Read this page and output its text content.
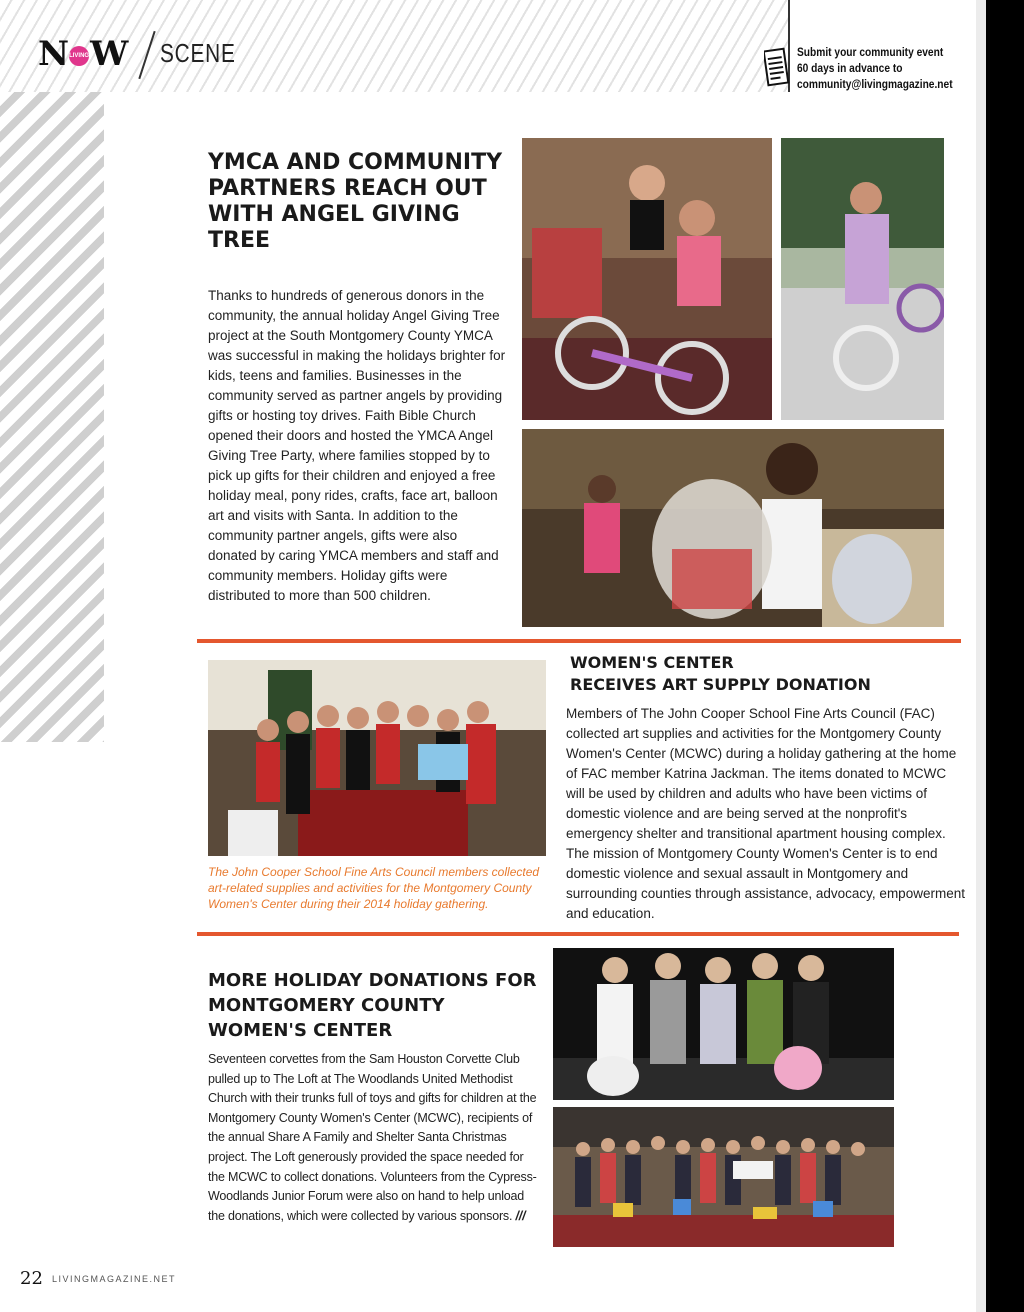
NLIVINGW SCENE	Submit your community event
60 days in advance to
community@livingmagazine.net
YMCA AND COMMUNITY PARTNERS REACH OUT WITH ANGEL GIVING TREE
Thanks to hundreds of generous donors in the community, the annual holiday Angel Giving Tree project at the South Montgomery County YMCA was successful in making the holidays brighter for kids, teens and families. Businesses in the community served as partner angels by providing gifts or hosting toy drives. Faith Bible Church opened their doors and hosted the YMCA Angel Giving Tree Party, where families stopped by to pick up gifts for their children and enjoyed a free holiday meal, pony rides, crafts, face art, balloon art and visits with Santa. In addition to the community partner angels, gifts were also donated by caring YMCA members and staff and community members. Holiday gifts were distributed to more than 500 children.
The John Cooper School Fine Arts Council members collected art-related supplies and activities for the Montgomery County Women's Center during their 2014 holiday gathering.
WOMEN'S CENTER
RECEIVES ART SUPPLY DONATION
Members of The John Cooper School Fine Arts Council (FAC) collected art supplies and activities for the Montgomery County Women's Center (MCWC) during a holiday gathering at the home of FAC member Katrina Jackman. The items donated to MCWC will be used by children and adults who have been victims of domestic violence and are being served at the nonprofit's emergency shelter and transitional apartment housing complex. The mission of Montgomery County Women's Center is to end domestic violence and sexual assault in Montgomery and surrounding counties through assistance, advocacy, empowerment and education.
MORE HOLIDAY DONATIONS FOR
MONTGOMERY COUNTY
WOMEN'S CENTER
Seventeen corvettes from the Sam Houston Corvette Club pulled up to The Loft at The Woodlands United Methodist Church with their trunks full of toys and gifts for children at the Montgomery County Women's Center (MCWC), recipients of the annual Share A Family and Shelter Santa Christmas project. The Loft generously provided the space needed for the MCWC to collect donations. Volunteers from the Cypress-Woodlands Junior Forum were also on hand to help unload the donations, which were collected by various sponsors. ///
22 LIVINGMAGAZINE.NET
